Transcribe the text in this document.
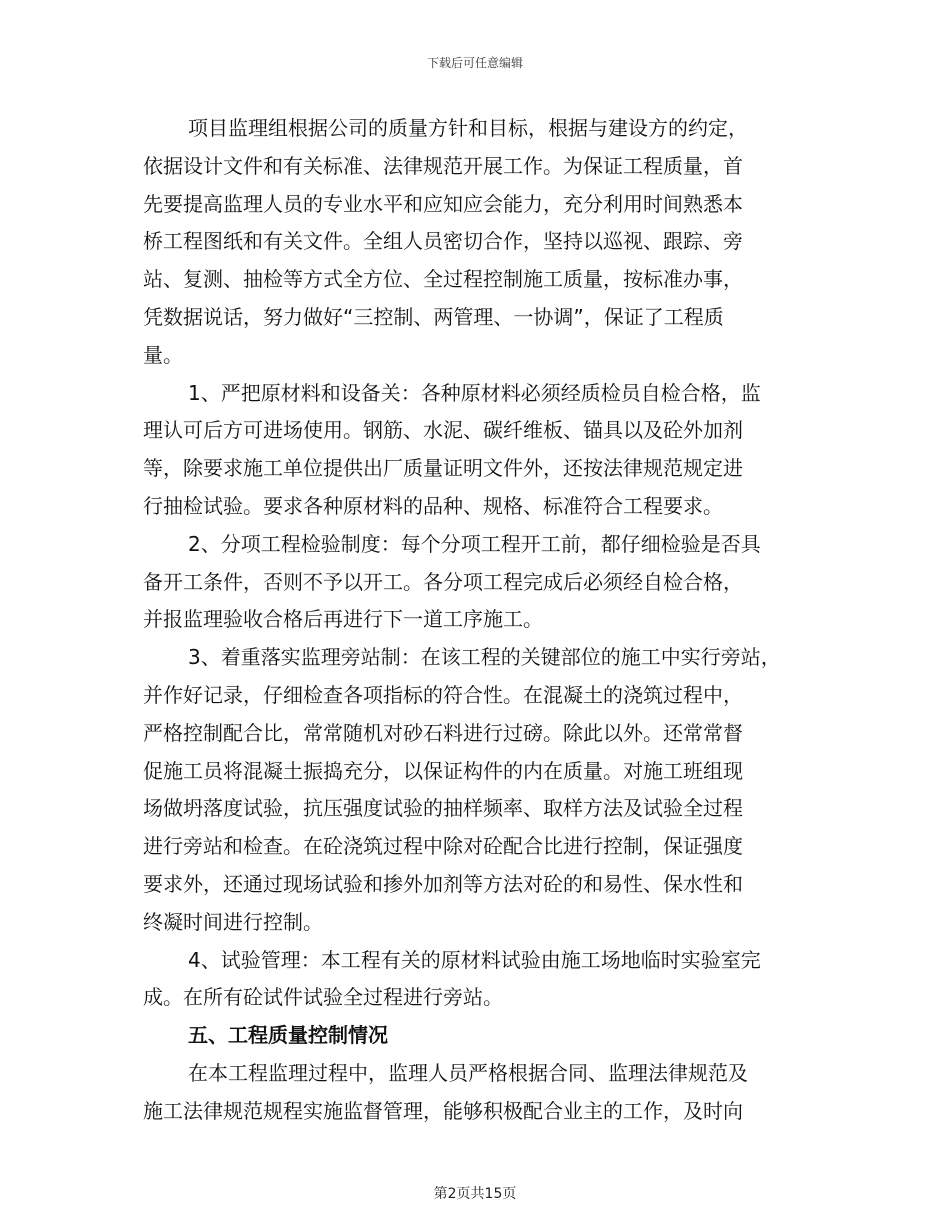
下载后可任意编辑
项目监理组根据公司的质量方针和目标，根据与建设方的约定，
依据设计文件和有关标准、法律规范开展工作。为保证工程质量，首
先要提高监理人员的专业水平和应知应会能力，充分利用时间熟悉本
桥工程图纸和有关文件。全组人员密切合作，坚持以巡视、跟踪、旁
站、复测、抽检等方式全方位、全过程控制施工质量，按标准办事，
凭数据说话，努力做好“三控制、两管理、一协调”，保证了工程质
量。
1、严把原材料和设备关：各种原材料必须经质检员自检合格，监
理认可后方可进场使用。钢筋、水泥、碳纤维板、锚具以及砼外加剂
等，除要求施工单位提供出厂质量证明文件外，还按法律规范规定进
行抽检试验。要求各种原材料的品种、规格、标准符合工程要求。
2、分项工程检验制度：每个分项工程开工前，都仔细检验是否具
备开工条件，否则不予以开工。各分项工程完成后必须经自检合格，
并报监理验收合格后再进行下一道工序施工。
3、着重落实监理旁站制：在该工程的关键部位的施工中实行旁站，
并作好记录，仔细检查各项指标的符合性。在混凝土的浇筑过程中，
严格控制配合比，常常随机对砂石料进行过磅。除此以外。还常常督
促施工员将混凝土振捣充分，以保证构件的内在质量。对施工班组现
场做坍落度试验，抗压强度试验的抽样频率、取样方法及试验全过程
进行旁站和检查。在砼浇筑过程中除对砼配合比进行控制，保证强度
要求外，还通过现场试验和掺外加剂等方法对砼的和易性、保水性和
终凝时间进行控制。
4、试验管理：本工程有关的原材料试验由施工场地临时实验室完
成。在所有砼试件试验全过程进行旁站。
五、工程质量控制情况
在本工程监理过程中，监理人员严格根据合同、监理法律规范及
施工法律规范规程实施监督管理，能够积极配合业主的工作，及时向
第2页共15页
